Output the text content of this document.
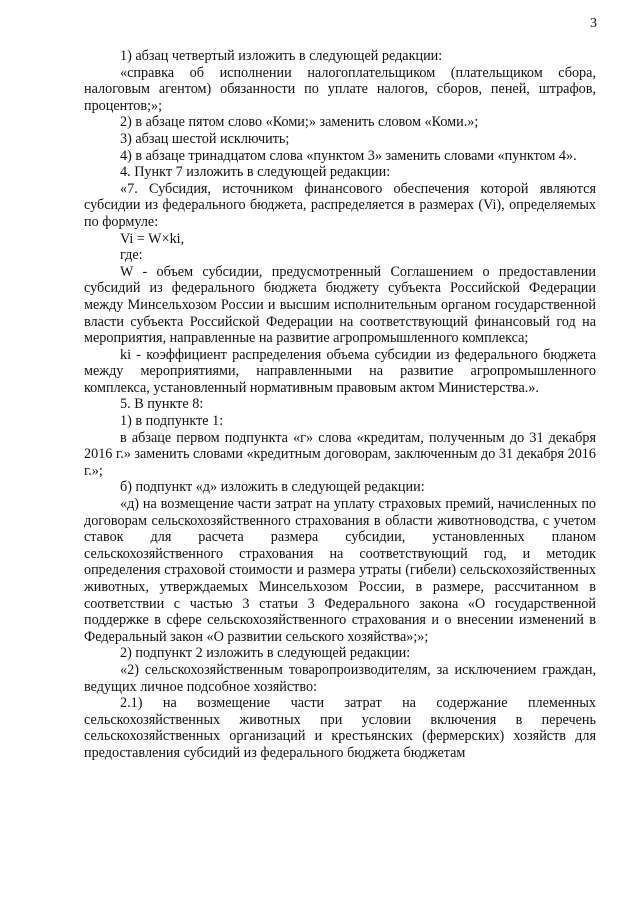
3

1) абзац четвертый изложить в следующей редакции:

«справка об исполнении налогоплательщиком (плательщиком сбора, налоговым агентом) обязанности по уплате налогов, сборов, пеней, штрафов, процентов;»;

2) в абзаце пятом слово «Коми;» заменить словом «Коми.»;

3) абзац шестой исключить;

4) в абзаце тринадцатом слова «пунктом 3» заменить словами «пунктом 4».

4. Пункт 7 изложить в следующей редакции:

«7. Субсидия, источником финансового обеспечения которой являются субсидии из федерального бюджета, распределяется в размерах (Vi), определяемых по формуле:

Vi = W×ki,

где:

W - объем субсидии, предусмотренный Соглашением о предоставлении субсидий из федерального бюджета бюджету субъекта Российской Федерации между Минсельхозом России и высшим исполнительным органом государственной власти субъекта Российской Федерации на соответствующий финансовый год на мероприятия, направленные на развитие агропромышленного комплекса;

ki - коэффициент распределения объема субсидии из федерального бюджета между мероприятиями, направленными на развитие агропромышленного комплекса, установленный нормативным правовым актом Министерства.».

5. В пункте 8:

1) в подпункте 1:

в абзаце первом подпункта «г» слова «кредитам, полученным до 31 декабря 2016 г.» заменить словами «кредитным договорам, заключенным до 31 декабря 2016 г.»;

б) подпункт «д» изложить в следующей редакции:

«д) на возмещение части затрат на уплату страховых премий, начисленных по договорам сельскохозяйственного страхования в области животноводства, с учетом ставок для расчета размера субсидии, установленных планом сельскохозяйственного страхования на соответствующий год, и методик определения страховой стоимости и размера утраты (гибели) сельскохозяйственных животных, утверждаемых Минсельхозом России, в размере, рассчитанном в соответствии с частью 3 статьи 3 Федерального закона «О государственной поддержке в сфере сельскохозяйственного страхования и о внесении изменений в Федеральный закон «О развитии сельского хозяйства»;»;

2) подпункт 2 изложить в следующей редакции:

«2) сельскохозяйственным товаропроизводителям, за исключением граждан, ведущих личное подсобное хозяйство:

2.1) на возмещение части затрат на содержание племенных сельскохозяйственных животных при условии включения в перечень сельскохозяйственных организаций и крестьянских (фермерских) хозяйств для предоставления субсидий из федерального бюджета бюджетам
